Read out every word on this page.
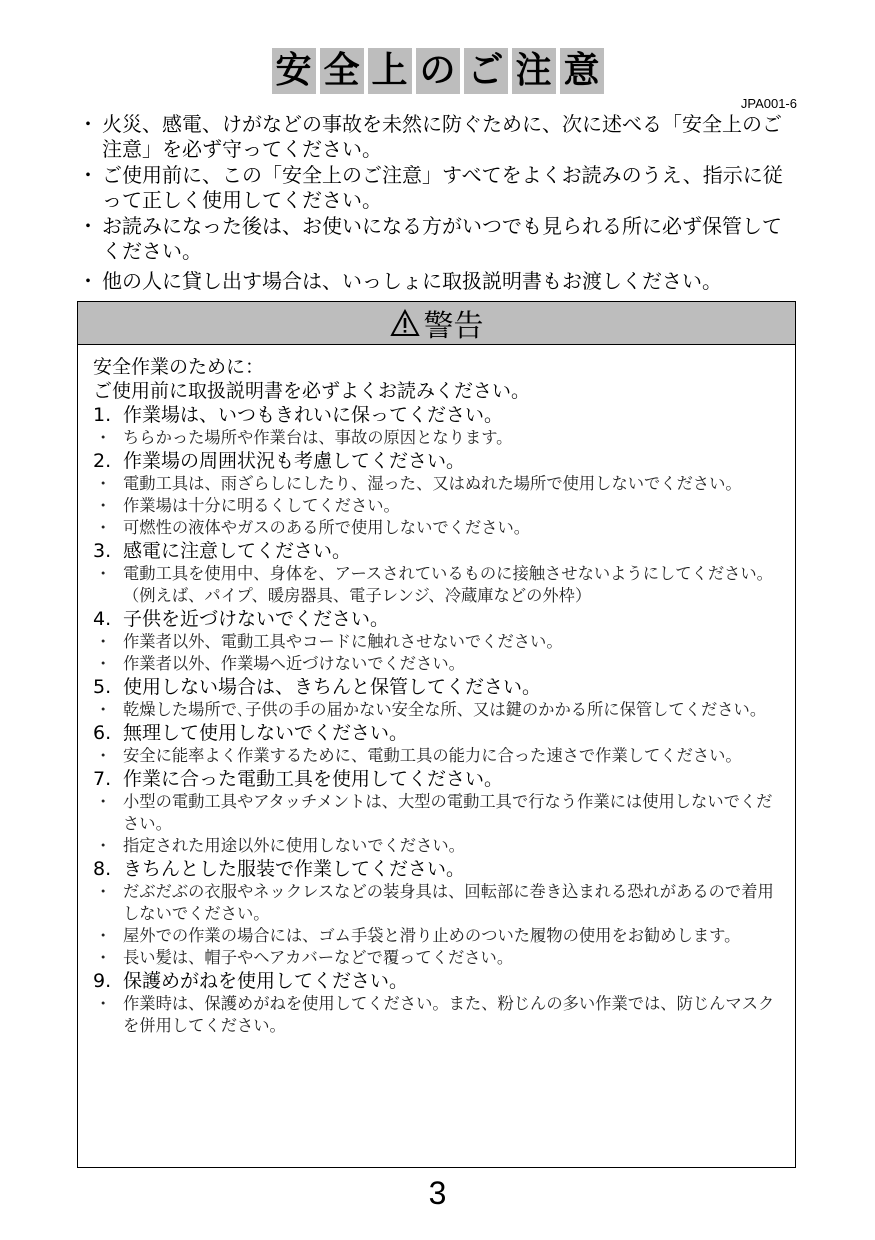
安 全 上 の ご 注 意
JPA001-6
・ 火災、感電、けがなどの事故を未然に防ぐために、次に述べる「安全上のご注意」を必ず守ってください。
・ ご使用前に、この「安全上のご注意」すべてをよくお読みのうえ、指示に従って正しく使用してください。
・ お読みになった後は、お使いになる方がいつでも見られる所に必ず保管してください。
・ 他の人に貸し出す場合は、いっしょに取扱説明書もお渡しください。
警告
安全作業のために：
ご使用前に取扱説明書を必ずよくお読みください。
1. 作業場は、いつもきれいに保ってください。
・ ちらかった場所や作業台は、事故の原因となります。
2. 作業場の周囲状況も考慮してください。
・ 電動工具は、雨ざらしにしたり、湿った、又はぬれた場所で使用しないでください。
・ 作業場は十分に明るくしてください。
・ 可燃性の液体やガスのある所で使用しないでください。
3. 感電に注意してください。
・ 電動工具を使用中、身体を、アースされているものに接触させないようにしてください。（例えば、パイプ、暖房器具、電子レンジ、冷蔵庫などの外枠）
4. 子供を近づけないでください。
・ 作業者以外、電動工具やコードに触れさせないでください。
・ 作業者以外、作業場へ近づけないでください。
5. 使用しない場合は、きちんと保管してください。
・ 乾燥した場所で､子供の手の届かない安全な所、又は鍵のかかる所に保管してください。
6. 無理して使用しないでください。
・ 安全に能率よく作業するために、電動工具の能力に合った速さで作業してください。
7. 作業に合った電動工具を使用してください。
・ 小型の電動工具やアタッチメントは、大型の電動工具で行なう作業には使用しないでください。
・ 指定された用途以外に使用しないでください。
8. きちんとした服装で作業してください。
・ だぶだぶの衣服やネックレスなどの装身具は、回転部に巻き込まれる恐れがあるので着用しないでください。
・ 屋外での作業の場合には、ゴム手袋と滑り止めのついた履物の使用をお勧めします。
・ 長い髪は、帽子やヘアカバーなどで覆ってください。
9. 保護めがねを使用してください。
・ 作業時は、保護めがねを使用してください。また、粉じんの多い作業では、防じんマスクを併用してください。
3
